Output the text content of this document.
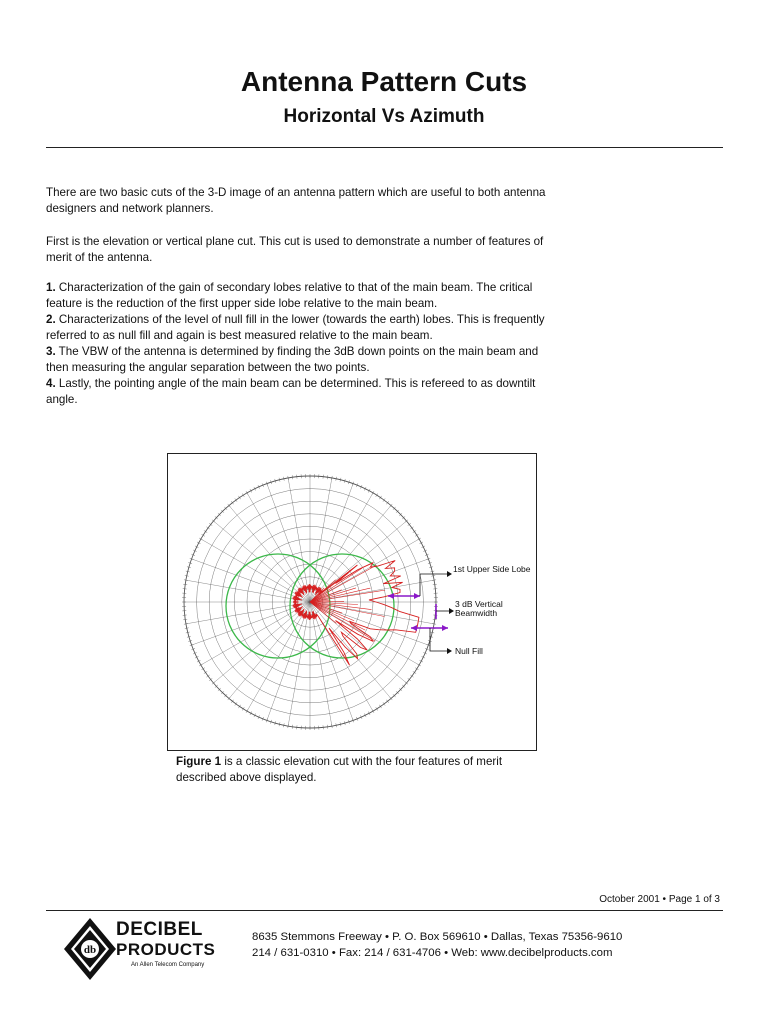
Antenna Pattern Cuts
Horizontal Vs Azimuth

There are two basic cuts of the 3-D image of an antenna pattern which are useful to both antenna designers and network planners.

First is the elevation or vertical plane cut. This cut is used to demonstrate a number of features of merit of the antenna.

1. Characterization of the gain of secondary lobes relative to that of the main beam. The critical feature is the reduction of the first upper side lobe relative to the main beam.

2. Characterizations of the level of null fill in the lower (towards the earth) lobes. This is frequently referred to as null fill and again is best measured relative to the main beam.

3. The VBW of the antenna is determined by finding the 3dB down points on the main beam and then measuring the angular separation between the two points.

4. Lastly, the pointing angle of the main beam can be determined. This is refereed to as downtilt angle.

1st Upper Side Lobe
3 dB Vertical Beamwidth
Null Fill

Figure 1 is a classic elevation cut with the four features of merit described above displayed.

October 2001 • Page 1 of 3
db
DECIBEL
PRODUCTS
An Allen Telecom Company
8635 Stemmons Freeway • P. O. Box 569610 • Dallas, Texas 75356-9610
214 / 631-0310 • Fax: 214 / 631-4706 • Web: www.decibelproducts.com
